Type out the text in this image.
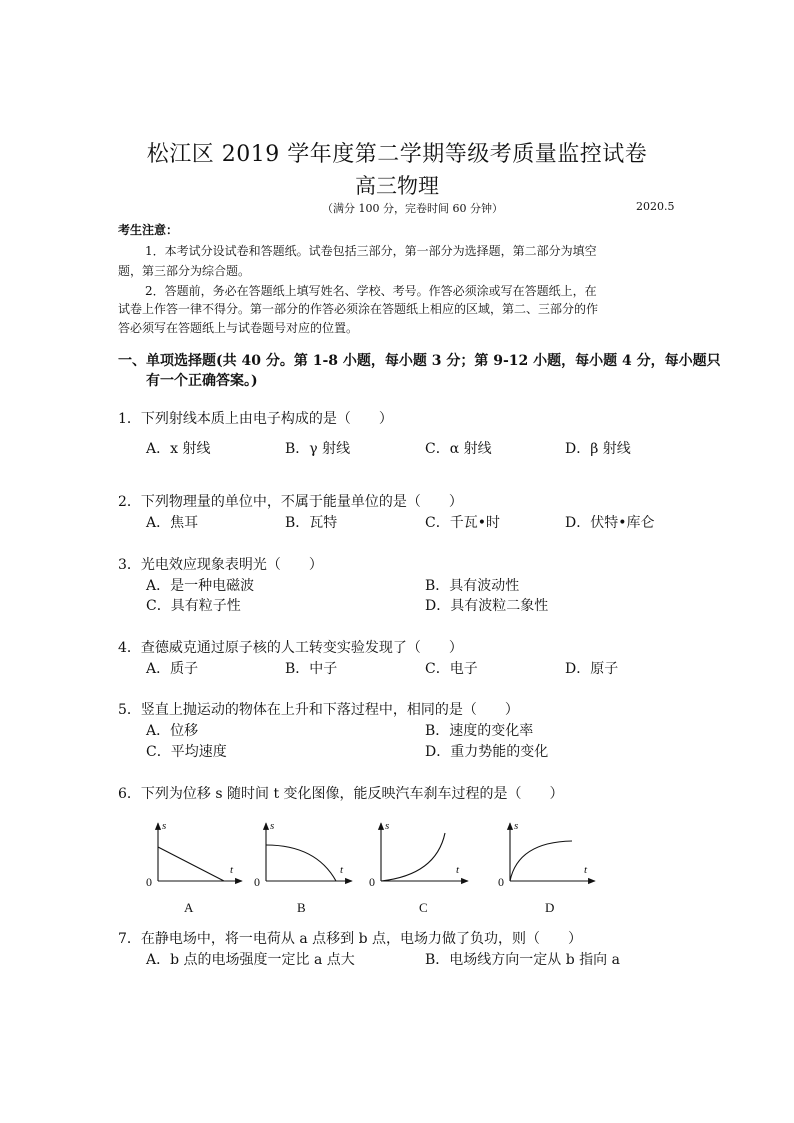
松江区 2019 学年度第二学期等级考质量监控试卷
高三物理
（满分 100 分，完卷时间 60 分钟）	2020.5
考生注意：
1．本考试分设试卷和答题纸。试卷包括三部分，第一部分为选择题，第二部分为填空
题，第三部分为综合题。
2．答题前，务必在答题纸上填写姓名、学校、考号。作答必须涂或写在答题纸上，在
试卷上作答一律不得分。第一部分的作答必须涂在答题纸上相应的区域，第二、三部分的作
答必须写在答题纸上与试卷题号对应的位置。
一、单项选择题(共 40 分。第 1-8 小题，每小题 3 分；第 9-12 小题，每小题 4 分，每小题只
有一个正确答案。)
1．下列射线本质上由电子构成的是（　　）
A．x 射线	B．γ 射线	C．α 射线	D．β 射线
2．下列物理量的单位中，不属于能量单位的是（　　）
A．焦耳	B．瓦特	C．千瓦•时	D．伏特•库仑
3．光电效应现象表明光（　　）
A．是一种电磁波	B．具有波动性
C．具有粒子性	D．具有波粒二象性
4．查德威克通过原子核的人工转变实验发现了（　　）
A．质子	B．中子	C．电子	D．原子
5．竖直上抛运动的物体在上升和下落过程中，相同的是（　　）
A．位移	B．速度的变化率
C．平均速度	D．重力势能的变化
6．下列为位移 s 随时间 t 变化图像，能反映汽车刹车过程的是（　　）
s
t
s
t
s
t
s
t
0	0	0	0
A	B	C	D
7．在静电场中，将一电荷从 a 点移到 b 点，电场力做了负功，则（　　）
A．b 点的电场强度一定比 a 点大	B．电场线方向一定从 b 指向 a
